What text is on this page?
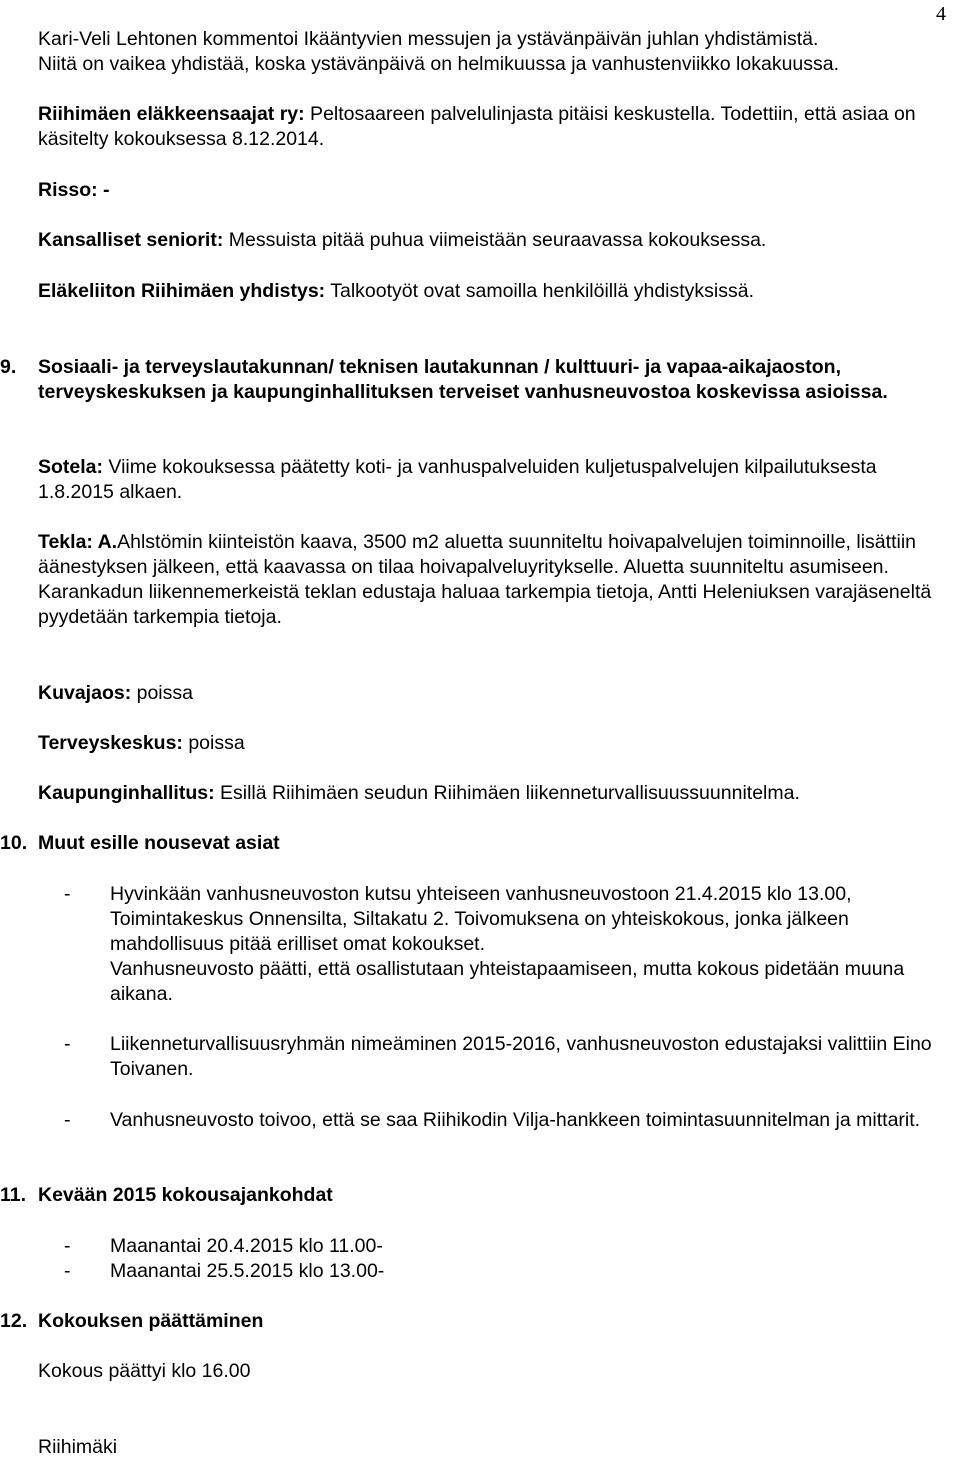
4

Kari-Veli Lehtonen kommentoi Ikääntyvien messujen ja ystävänpäivän juhlan yhdistämistä.
Niitä on vaikea yhdistää, koska ystävänpäivä on helmikuussa ja vanhustenviikko lokakuussa.

Riihimäen eläkkeensaajat ry: Peltosaareen palvelulinjasta pitäisi keskustella. Todettiin, että asiaa on käsitelty kokouksessa 8.12.2014.

Risso: -

Kansalliset seniorit: Messuista pitää puhua viimeistään seuraavassa kokouksessa.

Eläkeliiton Riihimäen yhdistys: Talkootyöt ovat samoilla henkilöillä yhdistyksissä.

9. Sosiaali- ja terveyslautakunnan/ teknisen lautakunnan / kulttuuri- ja vapaa-aikajaoston, terveyskeskuksen ja kaupunginhallituksen terveiset vanhusneuvostoa koskevissa asioissa.

Sotela: Viime kokouksessa päätetty koti- ja vanhuspalveluiden kuljetuspalvelujen kilpailutuksesta 1.8.2015 alkaen.

Tekla: A.Ahlstömin kiinteistön kaava, 3500 m2 aluetta suunniteltu hoivapalvelujen toiminnoille, lisättiin äänestyksen jälkeen, että kaavassa on tilaa hoivapalveluyritykselle. Aluetta suunniteltu asumiseen.
Karankadun liikennemerkeistä teklan edustaja haluaa tarkempia tietoja, Antti Heleniuksen varajäseneltä pyydetään tarkempia tietoja.

Kuvajaos: poissa

Terveyskeskus: poissa

Kaupunginhallitus: Esillä Riihimäen seudun Riihimäen liikenneturvallisuussuunnitelma.

10. Muut esille nousevat asiat

- Hyvinkään vanhusneuvoston kutsu yhteiseen vanhusneuvostoon 21.4.2015 klo 13.00, Toimintakeskus Onnensilta, Siltakatu 2. Toivomuksena on yhteiskokous, jonka jälkeen mahdollisuus pitää erilliset omat kokoukset.
Vanhusneuvosto päätti, että osallistutaan yhteistapaamiseen, mutta kokous pidetään muuna aikana.
- Liikenneturvallisuusryhmän nimeäminen 2015-2016, vanhusneuvoston edustajaksi valittiin Eino Toivanen.
- Vanhusneuvosto toivoo, että se saa Riihikodin Vilja-hankkeen toimintasuunnitelman ja mittarit.

11. Kevään 2015 kokousajankohdat

- Maanantai 20.4.2015 klo 11.00-
- Maanantai 25.5.2015 klo 13.00-

12. Kokouksen päättäminen

Kokous päättyi klo 16.00

Riihimäki
